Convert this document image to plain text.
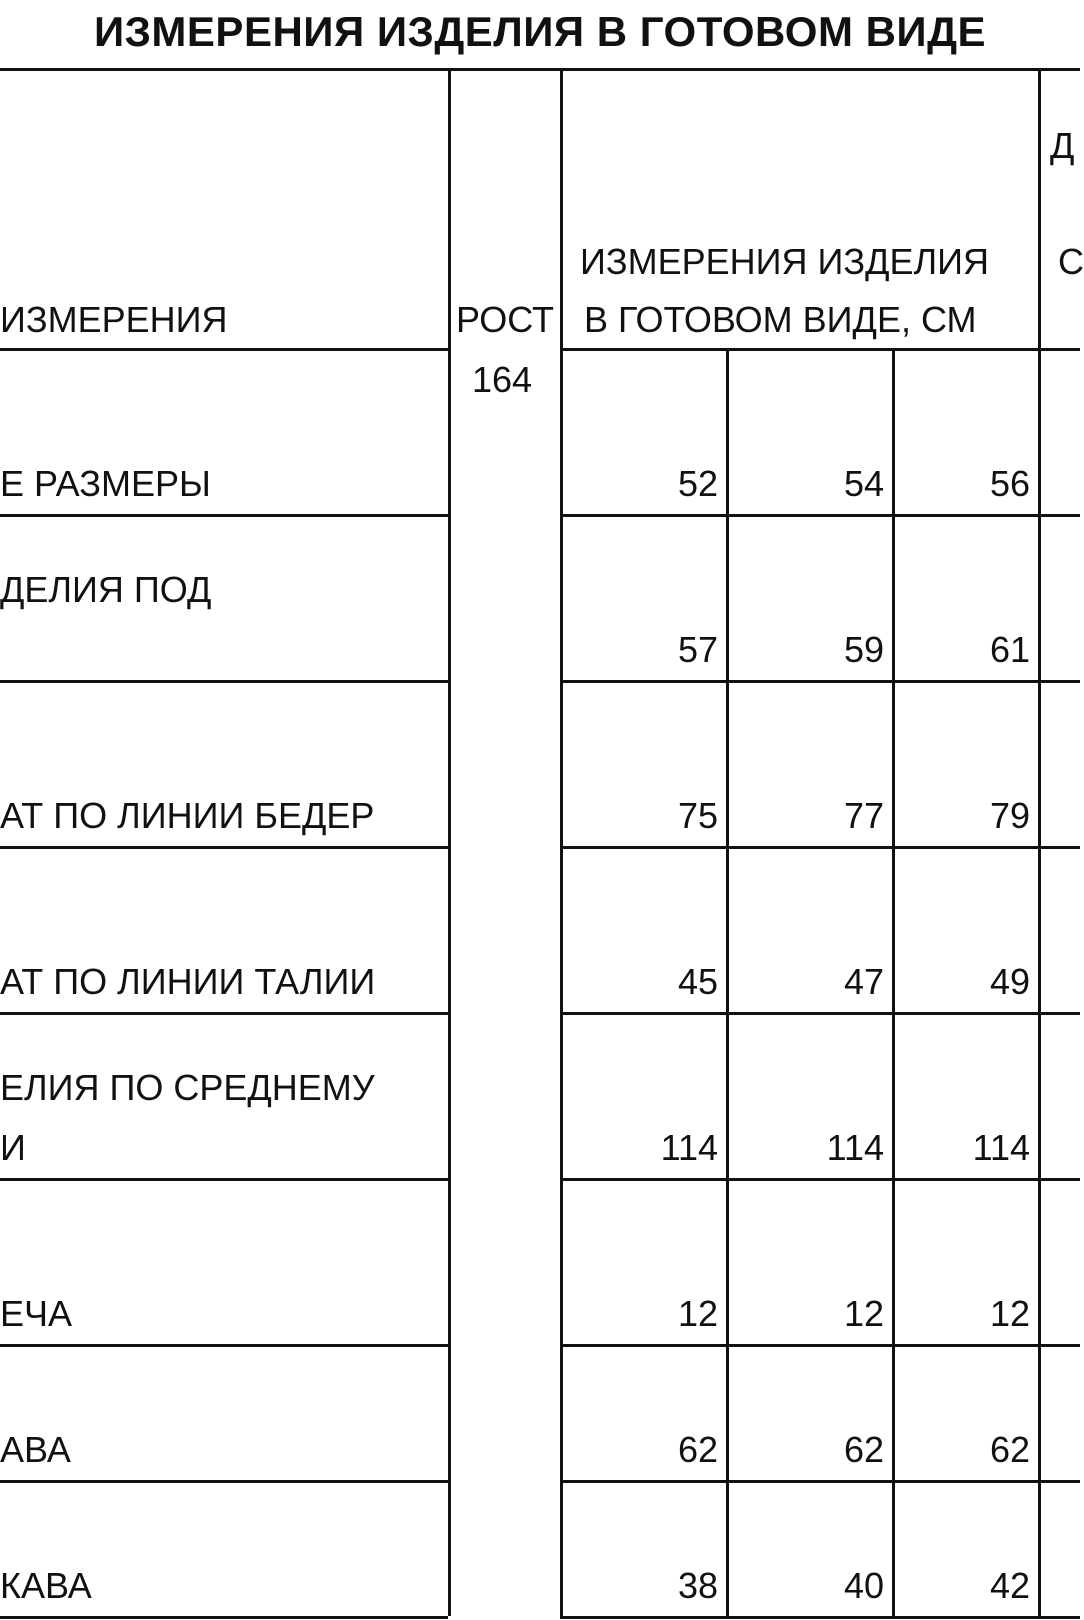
ИЗМЕРЕНИЯ ИЗДЕЛИЯ В ГОТОВОМ ВИДЕ
ИЗМЕРЕНИЯ	РОСТ
ИЗМЕРЕНИЯ ИЗДЕЛИЯ
В ГОТОВОМ ВИДЕ, СМ
Д
С
164
Е РАЗМЕРЫ	52	54	56
ДЕЛИЯ ПОД
57	59	61
АТ ПО ЛИНИИ БЕДЕР	75	77	79
АТ ПО ЛИНИИ ТАЛИИ	45	47	49
ЕЛИЯ ПО СРЕДНЕМУ
И	114	114	114
ЕЧА	12	12	12
АВА	62	62	62
КАВА	38	40	42
